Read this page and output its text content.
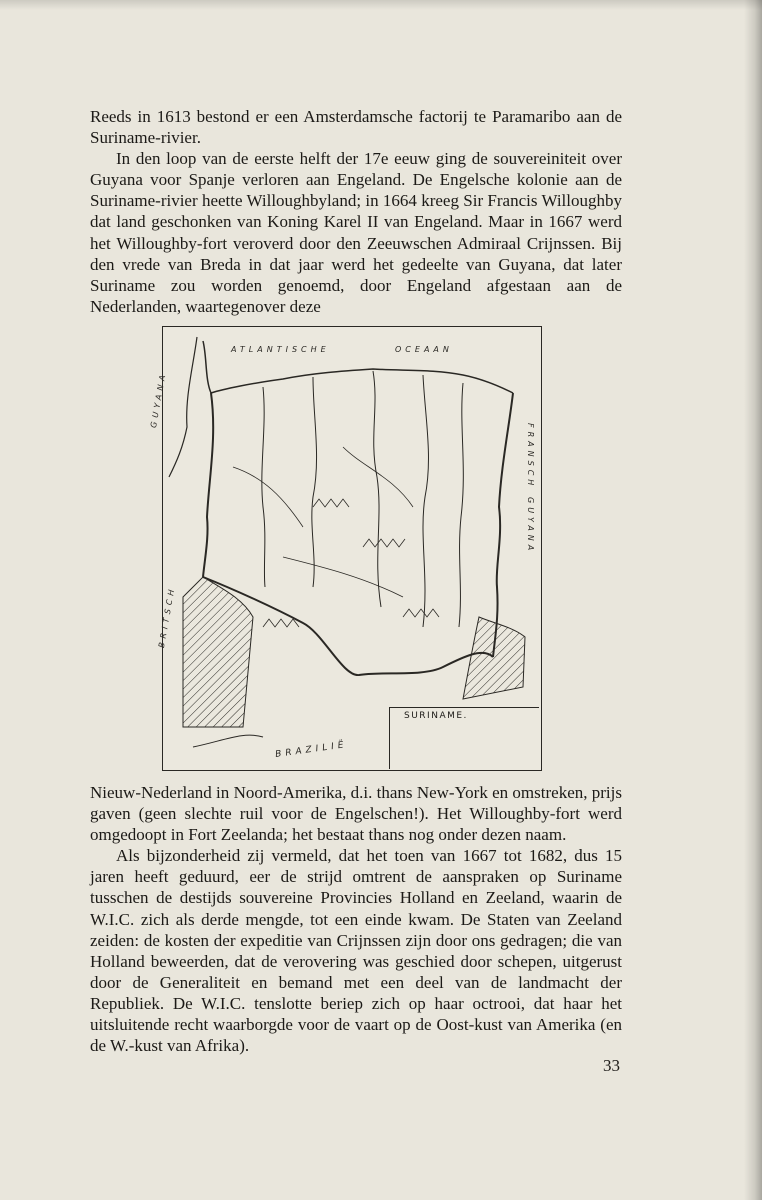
Reeds in 1613 bestond er een Amsterdamsche factorij te Paramaribo aan de Suriname-rivier.

In den loop van de eerste helft der 17e eeuw ging de souvereiniteit over Guyana voor Spanje verloren aan Engeland. De Engelsche kolonie aan de Suriname-rivier heette Willoughbyland; in 1664 kreeg Sir Francis Willoughby dat land geschonken van Koning Karel II van Engeland. Maar in 1667 werd het Willoughby-fort veroverd door den Zeeuwschen Admiraal Crijnssen. Bij den vrede van Breda in dat jaar werd het gedeelte van Guyana, dat later Suriname zou worden genoemd, door Engeland afgestaan aan de Nederlanden, waartegenover deze

ATLANTISCHE	OCEAAN
GUYANA
BRITSCH
FRANSCH
GUYANA
BRAZILIË
SURINAME.

Nieuw-Nederland in Noord-Amerika, d.i. thans New-York en omstreken, prijs gaven (geen slechte ruil voor de Engelschen!). Het Willoughby-fort werd omgedoopt in Fort Zeelanda; het bestaat thans nog onder dezen naam.

Als bijzonderheid zij vermeld, dat het toen van 1667 tot 1682, dus 15 jaren heeft geduurd, eer de strijd omtrent de aanspraken op Suriname tusschen de destijds souvereine Provincies Holland en Zeeland, waarin de W.I.C. zich als derde mengde, tot een einde kwam. De Staten van Zeeland zeiden: de kosten der expeditie van Crijnssen zijn door ons gedragen; die van Holland beweerden, dat de verovering was geschied door schepen, uitgerust door de Generaliteit en bemand met een deel van de landmacht der Republiek. De W.I.C. tenslotte beriep zich op haar octrooi, dat haar het uitsluitende recht waarborgde voor de vaart op de Oost-kust van Amerika (en de W.-kust van Afrika).

33
